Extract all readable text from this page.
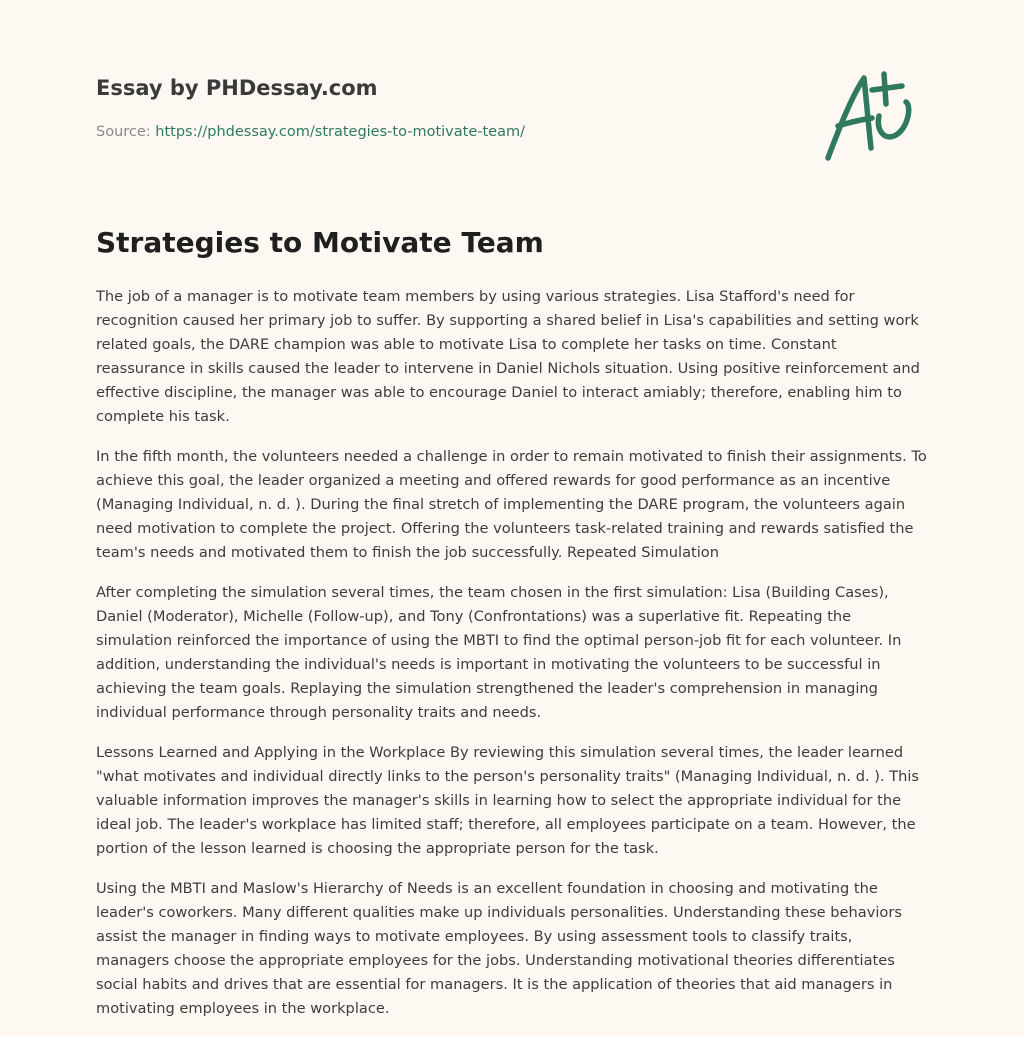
Essay by PHDessay.com
Source: https://phdessay.com/strategies-to-motivate-team/
Strategies to Motivate Team

The job of a manager is to motivate team members by using various strategies. Lisa Stafford's need for recognition caused her primary job to suffer. By supporting a shared belief in Lisa's capabilities and setting work related goals, the DARE champion was able to motivate Lisa to complete her tasks on time. Constant reassurance in skills caused the leader to intervene in Daniel Nichols situation. Using positive reinforcement and effective discipline, the manager was able to encourage Daniel to interact amiably; therefore, enabling him to complete his task.

In the fifth month, the volunteers needed a challenge in order to remain motivated to finish their assignments. To achieve this goal, the leader organized a meeting and offered rewards for good performance as an incentive (Managing Individual, n. d. ). During the final stretch of implementing the DARE program, the volunteers again need motivation to complete the project. Offering the volunteers task-related training and rewards satisfied the team's needs and motivated them to finish the job successfully. Repeated Simulation

After completing the simulation several times, the team chosen in the first simulation: Lisa (Building Cases), Daniel (Moderator), Michelle (Follow-up), and Tony (Confrontations) was a superlative fit. Repeating the simulation reinforced the importance of using the MBTI to find the optimal person-job fit for each volunteer. In addition, understanding the individual's needs is important in motivating the volunteers to be successful in achieving the team goals. Replaying the simulation strengthened the leader's comprehension in managing individual performance through personality traits and needs.

Lessons Learned and Applying in the Workplace By reviewing this simulation several times, the leader learned "what motivates and individual directly links to the person's personality traits" (Managing Individual, n. d. ). This valuable information improves the manager's skills in learning how to select the appropriate individual for the ideal job. The leader's workplace has limited staff; therefore, all employees participate on a team. However, the portion of the lesson learned is choosing the appropriate person for the task.

Using the MBTI and Maslow's Hierarchy of Needs is an excellent foundation in choosing and motivating the leader's coworkers. Many different qualities make up individuals personalities. Understanding these behaviors assist the manager in finding ways to motivate employees. By using assessment tools to classify traits, managers choose the appropriate employees for the jobs. Understanding motivational theories differentiates social habits and drives that are essential for managers. It is the application of theories that aid managers in motivating employees in the workplace.
